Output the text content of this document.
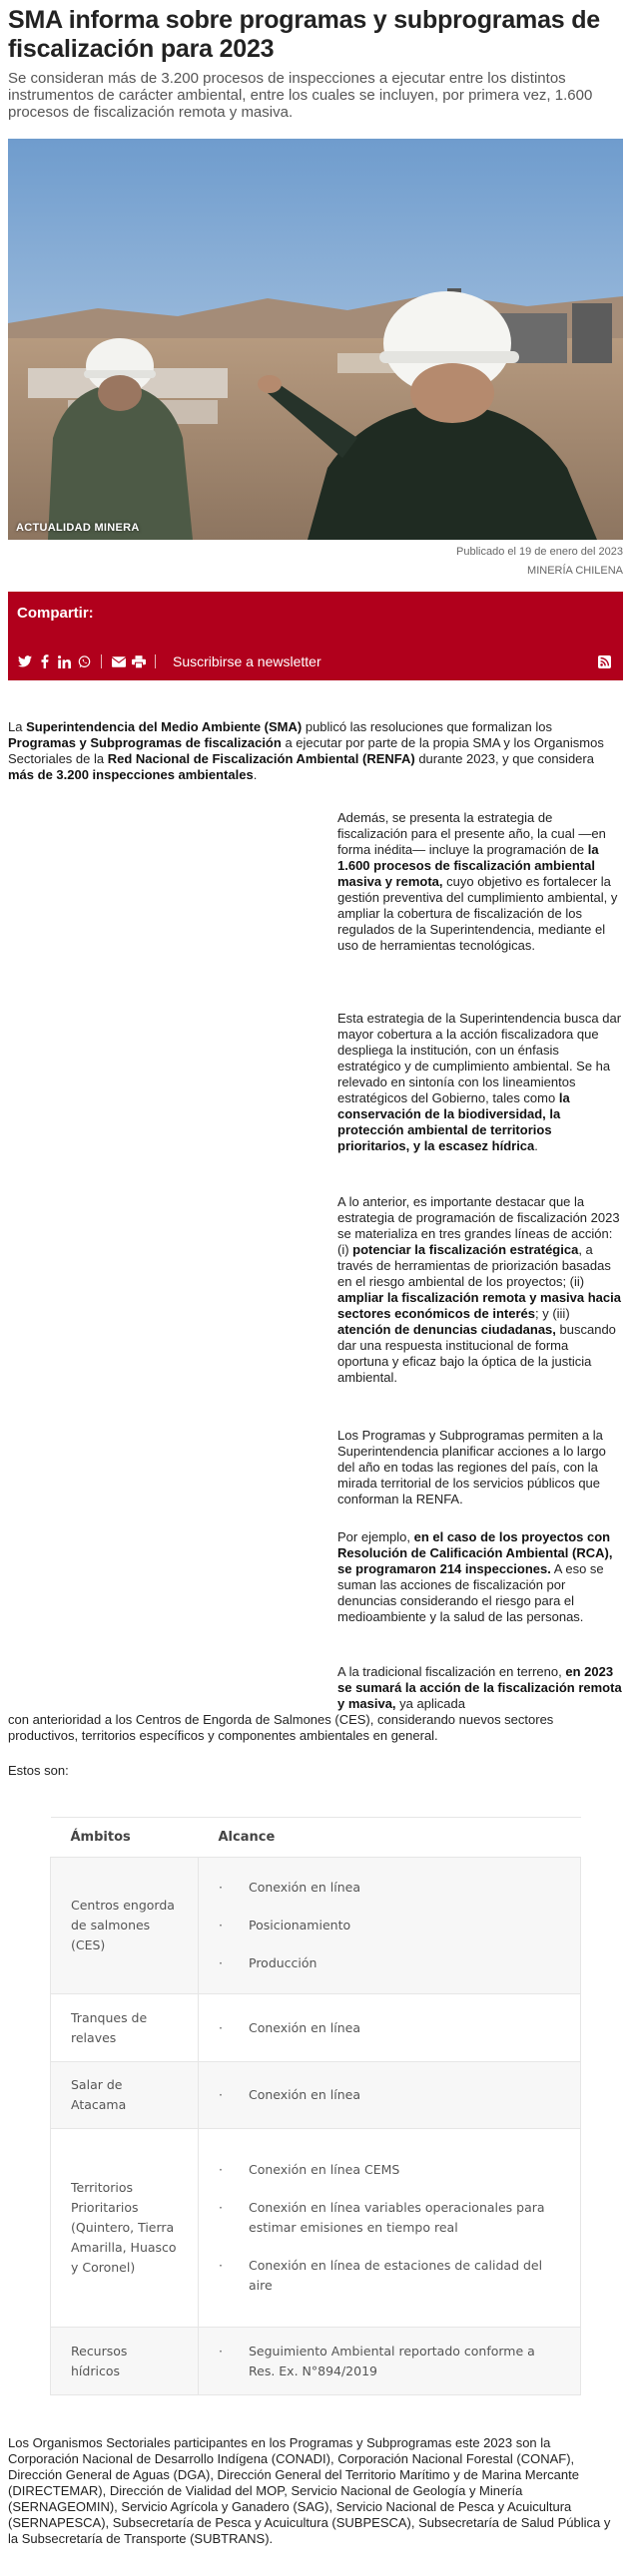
SMA informa sobre programas y subprogramas de fiscalización para 2023

Se consideran más de 3.200 procesos de inspecciones a ejecutar entre los distintos instrumentos de carácter ambiental, entre los cuales se incluyen, por primera vez, 1.600 procesos de fiscalización remota y masiva.

ACTUALIDAD MINERA
Publicado el 19 de enero del 2023
MINERÍA CHILENA
Compartir:
Suscribirse a newsletter

La Superintendencia del Medio Ambiente (SMA) publicó las resoluciones que formalizan los Programas y Subprogramas de fiscalización a ejecutar por parte de la propia SMA y los Organismos Sectoriales de la Red Nacional de Fiscalización Ambiental (RENFA) durante 2023, y que considera más de 3.200 inspecciones ambientales.

Además, se presenta la estrategia de fiscalización para el presente año, la cual —en forma inédita— incluye la programación de la 1.600 procesos de fiscalización ambiental masiva y remota, cuyo objetivo es fortalecer la gestión preventiva del cumplimiento ambiental, y ampliar la cobertura de fiscalización de los regulados de la Superintendencia, mediante el uso de herramientas tecnológicas.

Esta estrategia de la Superintendencia busca dar mayor cobertura a la acción fiscalizadora que despliega la institución, con un énfasis estratégico y de cumplimiento ambiental. Se ha relevado en sintonía con los lineamientos estratégicos del Gobierno, tales como la conservación de la biodiversidad, la protección ambiental de territorios prioritarios, y la escasez hídrica.

A lo anterior, es importante destacar que la estrategia de programación de fiscalización 2023 se materializa en tres grandes líneas de acción: (i) potenciar la fiscalización estratégica, a través de herramientas de priorización basadas en el riesgo ambiental de los proyectos; (ii) ampliar la fiscalización remota y masiva hacia sectores económicos de interés; y (iii) atención de denuncias ciudadanas, buscando dar una respuesta institucional de forma oportuna y eficaz bajo la óptica de la justicia ambiental.

Los Programas y Subprogramas permiten a la Superintendencia planificar acciones a lo largo del año en todas las regiones del país, con la mirada territorial de los servicios públicos que conforman la RENFA.

Por ejemplo, en el caso de los proyectos con Resolución de Calificación Ambiental (RCA), se programaron 214 inspecciones. A eso se suman las acciones de fiscalización por denuncias considerando el riesgo para el medioambiente y la salud de las personas.

A la tradicional fiscalización en terreno, en 2023 se sumará la acción de la fiscalización remota y masiva, ya aplicada

con anterioridad a los Centros de Engorda de Salmones (CES), considerando nuevos sectores productivos, territorios específicos y componentes ambientales en general.

Estos son:

Ámbitos	Alcance
Centros engorda de salmones (CES)	· Conexión en línea
· Posicionamiento
· Producción

Tranques de relaves	· Conexión en línea

Salar de Atacama	· Conexión en línea

Territorios Prioritarios (Quintero, Tierra Amarilla, Huasco y Coronel)	· Conexión en línea CEMS
· Conexión en línea variables operacionales para estimar emisiones en tiempo real
· Conexión en línea de estaciones de calidad del aire

Recursos hídricos	· Seguimiento Ambiental reportado conforme a Res. Ex. N°894/2019

Los Organismos Sectoriales participantes en los Programas y Subprogramas este 2023 son la Corporación Nacional de Desarrollo Indígena (CONADI), Corporación Nacional Forestal (CONAF), Dirección General de Aguas (DGA), Dirección General del Territorio Marítimo y de Marina Mercante (DIRECTEMAR), Dirección de Vialidad del MOP, Servicio Nacional de Geología y Minería (SERNAGEOMIN), Servicio Agrícola y Ganadero (SAG), Servicio Nacional de Pesca y Acuicultura (SERNAPESCA), Subsecretaría de Pesca y Acuicultura (SUBPESCA), Subsecretaría de Salud Pública y la Subsecretaría de Transporte (SUBTRANS).
